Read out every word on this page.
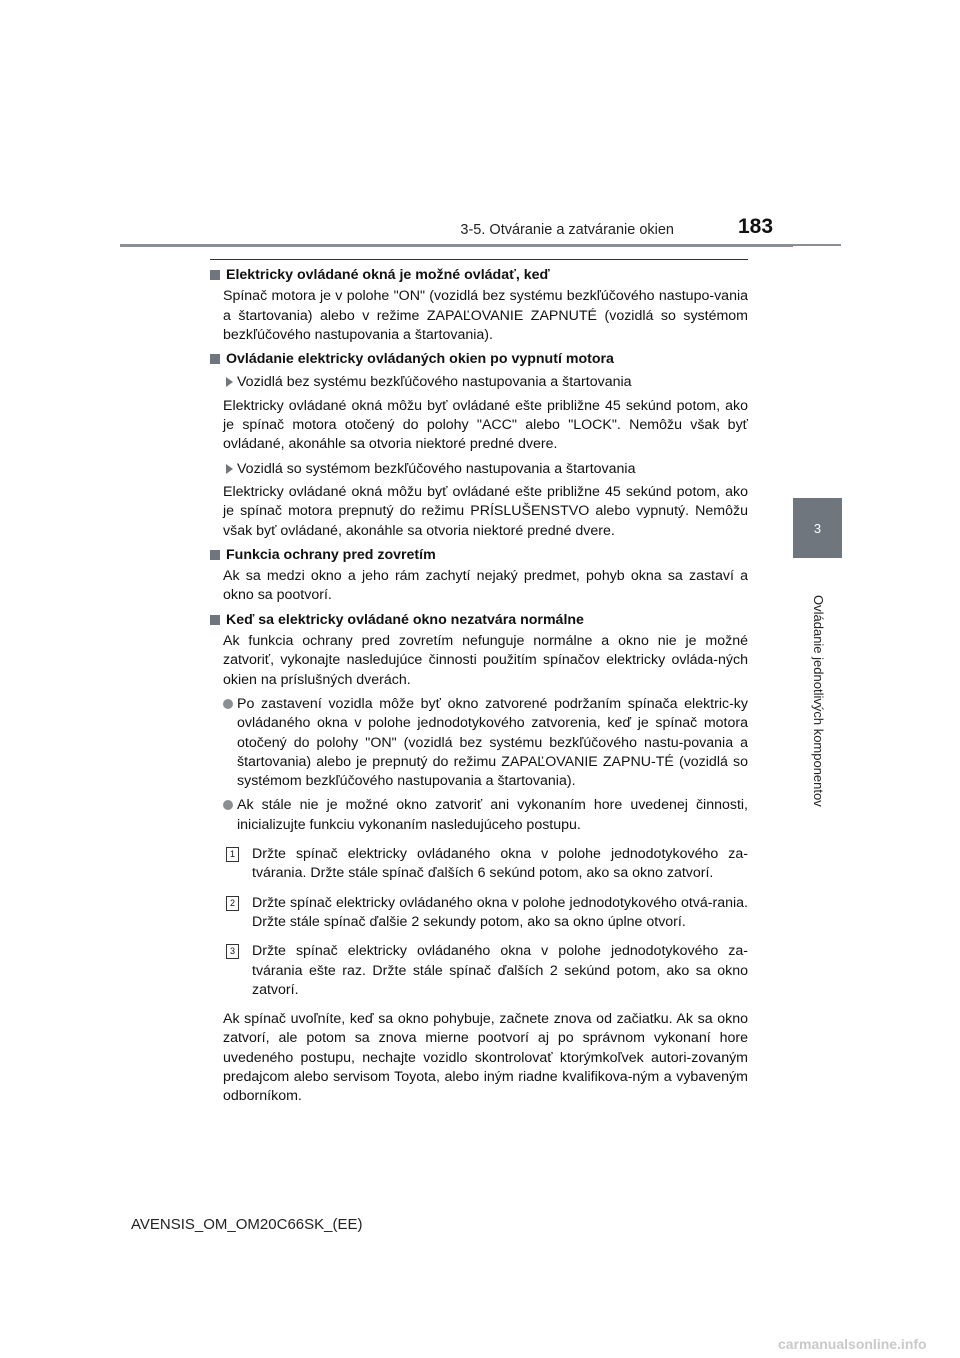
3-5. Otváranie a zatváranie okien	183
3
Ovládanie jednotlivých komponentov
Elektricky ovládané okná je možné ovládať, keď

Spínač motora je v polohe "ON" (vozidlá bez systému bezkľúčového nastupo-vania a štartovania) alebo v režime ZAPAĽOVANIE ZAPNUTÉ (vozidlá so systémom bezkľúčového nastupovania a štartovania).

Ovládanie elektricky ovládaných okien po vypnutí motora
Vozidlá bez systému bezkľúčového nastupovania a štartovania

Elektricky ovládané okná môžu byť ovládané ešte približne 45 sekúnd potom, ako je spínač motora otočený do polohy "ACC" alebo "LOCK". Nemôžu však byť ovládané, akonáhle sa otvoria niektoré predné dvere.

Vozidlá so systémom bezkľúčového nastupovania a štartovania

Elektricky ovládané okná môžu byť ovládané ešte približne 45 sekúnd potom, ako je spínač motora prepnutý do režimu PRÍSLUŠENSTVO alebo vypnutý. Nemôžu však byť ovládané, akonáhle sa otvoria niektoré predné dvere.

Funkcia ochrany pred zovretím

Ak sa medzi okno a jeho rám zachytí nejaký predmet, pohyb okna sa zastaví a okno sa pootvorí.

Keď sa elektricky ovládané okno nezatvára normálne

Ak funkcia ochrany pred zovretím nefunguje normálne a okno nie je možné zatvoriť, vykonajte nasledujúce činnosti použitím spínačov elektricky ovláda-ných okien na príslušných dverách.

Po zastavení vozidla môže byť okno zatvorené podržaním spínača elektric-ky ovládaného okna v polohe jednodotykového zatvorenia, keď je spínač motora otočený do polohy "ON" (vozidlá bez systému bezkľúčového nastu-povania a štartovania) alebo je prepnutý do režimu ZAPAĽOVANIE ZAPNU-TÉ (vozidlá so systémom bezkľúčového nastupovania a štartovania).

Ak stále nie je možné okno zatvoriť ani vykonaním hore uvedenej činnosti, inicializujte funkciu vykonaním nasledujúceho postupu.

1 Držte spínač elektricky ovládaného okna v polohe jednodotykového za-tvárania. Držte stále spínač ďalších 6 sekúnd potom, ako sa okno zatvorí.

2 Držte spínač elektricky ovládaného okna v polohe jednodotykového otvá-rania. Držte stále spínač ďalšie 2 sekundy potom, ako sa okno úplne otvorí.

3 Držte spínač elektricky ovládaného okna v polohe jednodotykového za-tvárania ešte raz. Držte stále spínač ďalších 2 sekúnd potom, ako sa okno zatvorí.

Ak spínač uvoľníte, keď sa okno pohybuje, začnete znova od začiatku. Ak sa okno zatvorí, ale potom sa znova mierne pootvorí aj po správnom vykonaní hore uvedeného postupu, nechajte vozidlo skontrolovať ktorýmkoľvek autori-zovaným predajcom alebo servisom Toyota, alebo iným riadne kvalifikova-ným a vybaveným odborníkom.

AVENSIS_OM_OM20C66SK_(EE)
carmanualsonline.info
